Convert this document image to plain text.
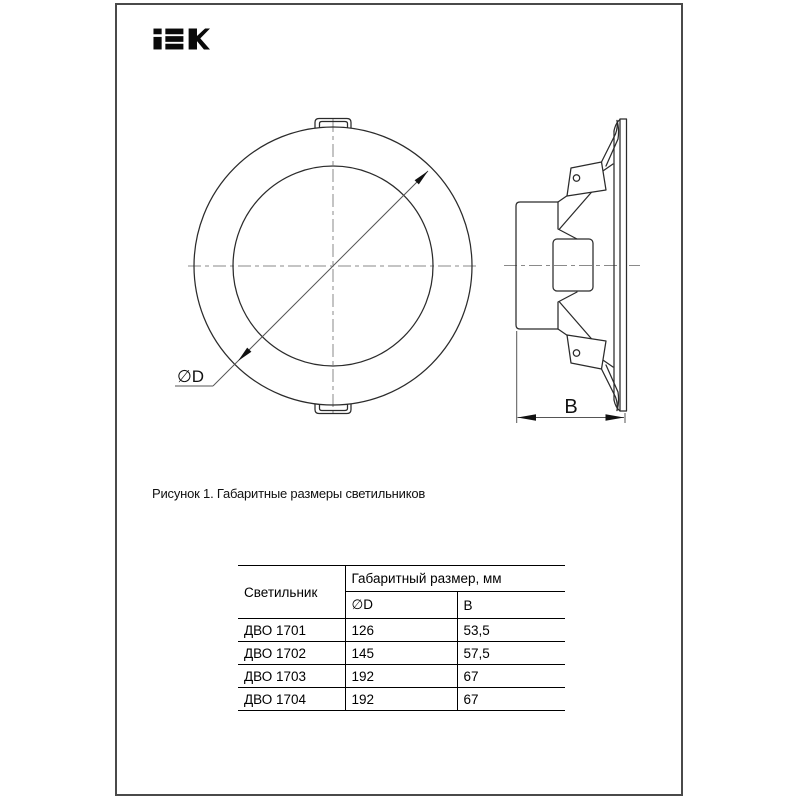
∅D
B
Рисунок 1. Габаритные размеры светильников
Светильник	Габаритный размер, мм	
	∅D	B
ДВО 1701	126	53,5
ДВО 1702	145	57,5
ДВО 1703	192	67
ДВО 1704	192	67
